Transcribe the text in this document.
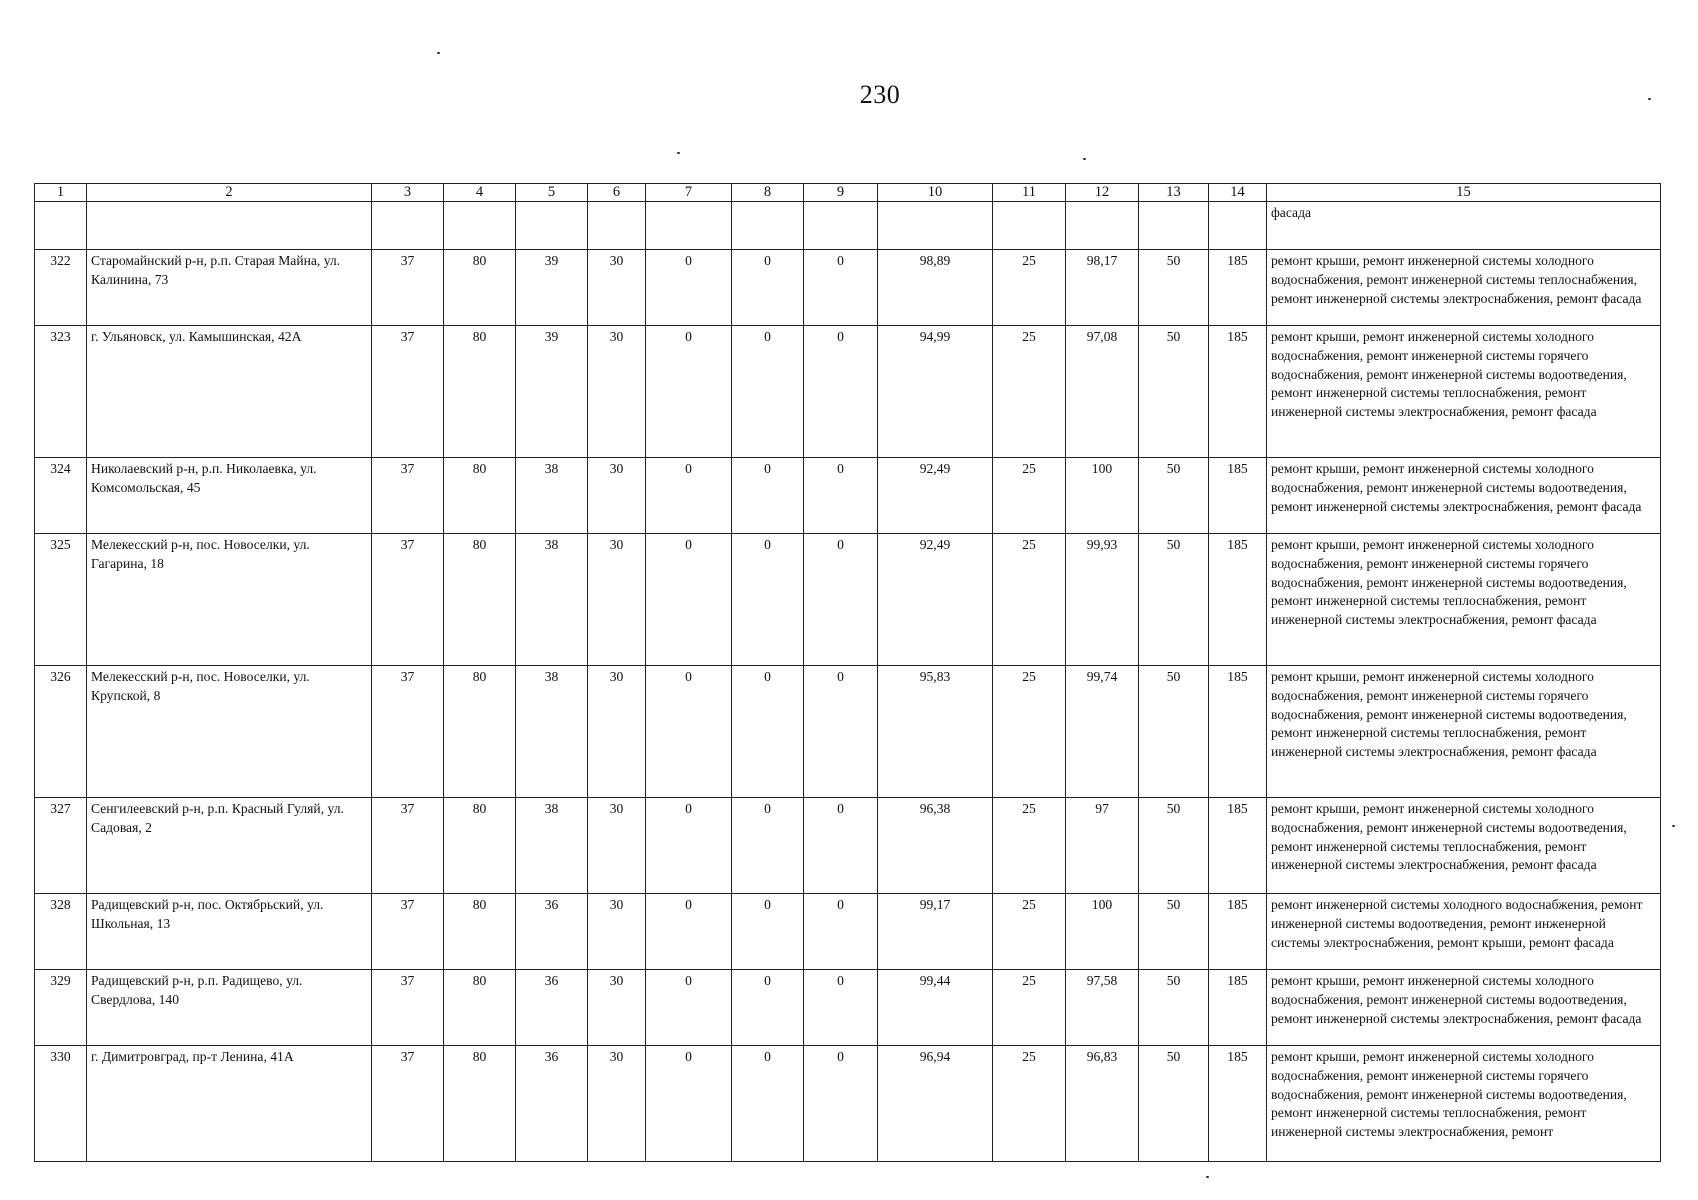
230
1	2	3	4	5	6	7	8	9	10	11	12	13	14	15
														фасада
322	Старомайнский р-н, р.п. Старая Майна, ул. Калинина, 73	37	80	39	30	0	0	0	98,89	25	98,17	50	185	ремонт крыши, ремонт инженерной системы холодного водоснабжения, ремонт инженерной системы теплоснабжения, ремонт инженерной системы электроснабжения, ремонт фасада
323	г. Ульяновск, ул. Камышинская, 42А	37	80	39	30	0	0	0	94,99	25	97,08	50	185	ремонт крыши, ремонт инженерной системы холодного водоснабжения, ремонт инженерной системы горячего водоснабжения, ремонт инженерной системы водоотведения, ремонт инженерной системы теплоснабжения, ремонт инженерной системы электроснабжения, ремонт фасада
324	Николаевский р-н, р.п. Николаевка, ул. Комсомольская, 45	37	80	38	30	0	0	0	92,49	25	100	50	185	ремонт крыши, ремонт инженерной системы холодного водоснабжения, ремонт инженерной системы водоотведения, ремонт инженерной системы электроснабжения, ремонт фасада
325	Мелекесский р-н, пос. Новоселки, ул. Гагарина, 18	37	80	38	30	0	0	0	92,49	25	99,93	50	185	ремонт крыши, ремонт инженерной системы холодного водоснабжения, ремонт инженерной системы горячего водоснабжения, ремонт инженерной системы водоотведения, ремонт инженерной системы теплоснабжения, ремонт инженерной системы электроснабжения, ремонт фасада
326	Мелекесский р-н, пос. Новоселки, ул. Крупской, 8	37	80	38	30	0	0	0	95,83	25	99,74	50	185	ремонт крыши, ремонт инженерной системы холодного водоснабжения, ремонт инженерной системы горячего водоснабжения, ремонт инженерной системы водоотведения, ремонт инженерной системы теплоснабжения, ремонт инженерной системы электроснабжения, ремонт фасада
327	Сенгилеевский р-н, р.п. Красный Гуляй, ул. Садовая, 2	37	80	38	30	0	0	0	96,38	25	97	50	185	ремонт крыши, ремонт инженерной системы холодного водоснабжения, ремонт инженерной системы водоотведения, ремонт инженерной системы теплоснабжения, ремонт инженерной системы электроснабжения, ремонт фасада
328	Радищевский р-н, пос. Октябрьский, ул. Школьная, 13	37	80	36	30	0	0	0	99,17	25	100	50	185	ремонт инженерной системы холодного водоснабжения, ремонт инженерной системы водоотведения, ремонт инженерной системы электроснабжения, ремонт крыши, ремонт фасада
329	Радищевский р-н, р.п. Радищево, ул. Свердлова, 140	37	80	36	30	0	0	0	99,44	25	97,58	50	185	ремонт крыши, ремонт инженерной системы холодного водоснабжения, ремонт инженерной системы водоотведения, ремонт инженерной системы электроснабжения, ремонт фасада
330	г. Димитровград, пр-т Ленина, 41А	37	80	36	30	0	0	0	96,94	25	96,83	50	185	ремонт крыши, ремонт инженерной системы холодного водоснабжения, ремонт инженерной системы горячего водоснабжения, ремонт инженерной системы водоотведения, ремонт инженерной системы теплоснабжения, ремонт инженерной системы электроснабжения, ремонт
